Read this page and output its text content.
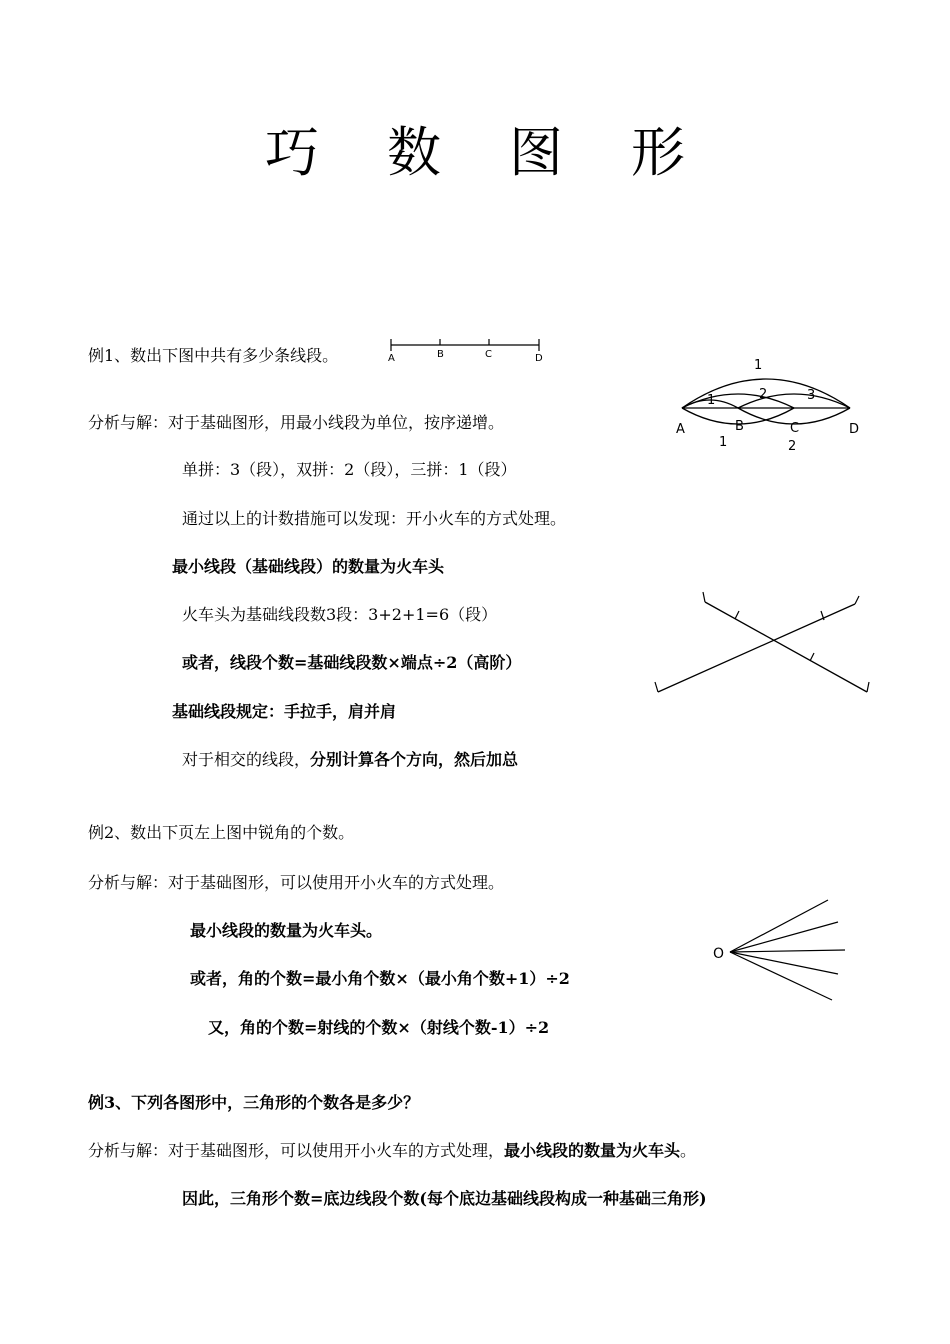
巧 数 图 形
例1、数出下图中共有多少条线段。	A	B	C	D	1
1	2	3
1	2
A	B	C	D
分析与解：对于基础图形，用最小线段为单位，按序递增。
单拼：3（段），双拼：2（段），三拼：1（段）
通过以上的计数措施可以发现：开小火车的方式处理。
最小线段（基础线段）的数量为火车头
火车头为基础线段数3段：3+2+1=6（段）
或者，线段个数=基础线段数×端点÷2（高阶）
基础线段规定：手拉手，肩并肩
对于相交的线段，分别计算各个方向，然后加总
例2、数出下页左上图中锐角的个数。
分析与解：对于基础图形，可以使用开小火车的方式处理。
最小线段的数量为火车头。
或者，角的个数=最小角个数×（最小角个数+1）÷2
又，角的个数=射线的个数×（射线个数-1）÷2
O
例3、下列各图形中，三角形的个数各是多少？
分析与解：对于基础图形，可以使用开小火车的方式处理，最小线段的数量为火车头。
因此，三角形个数=底边线段个数(每个底边基础线段构成一种基础三角形)
